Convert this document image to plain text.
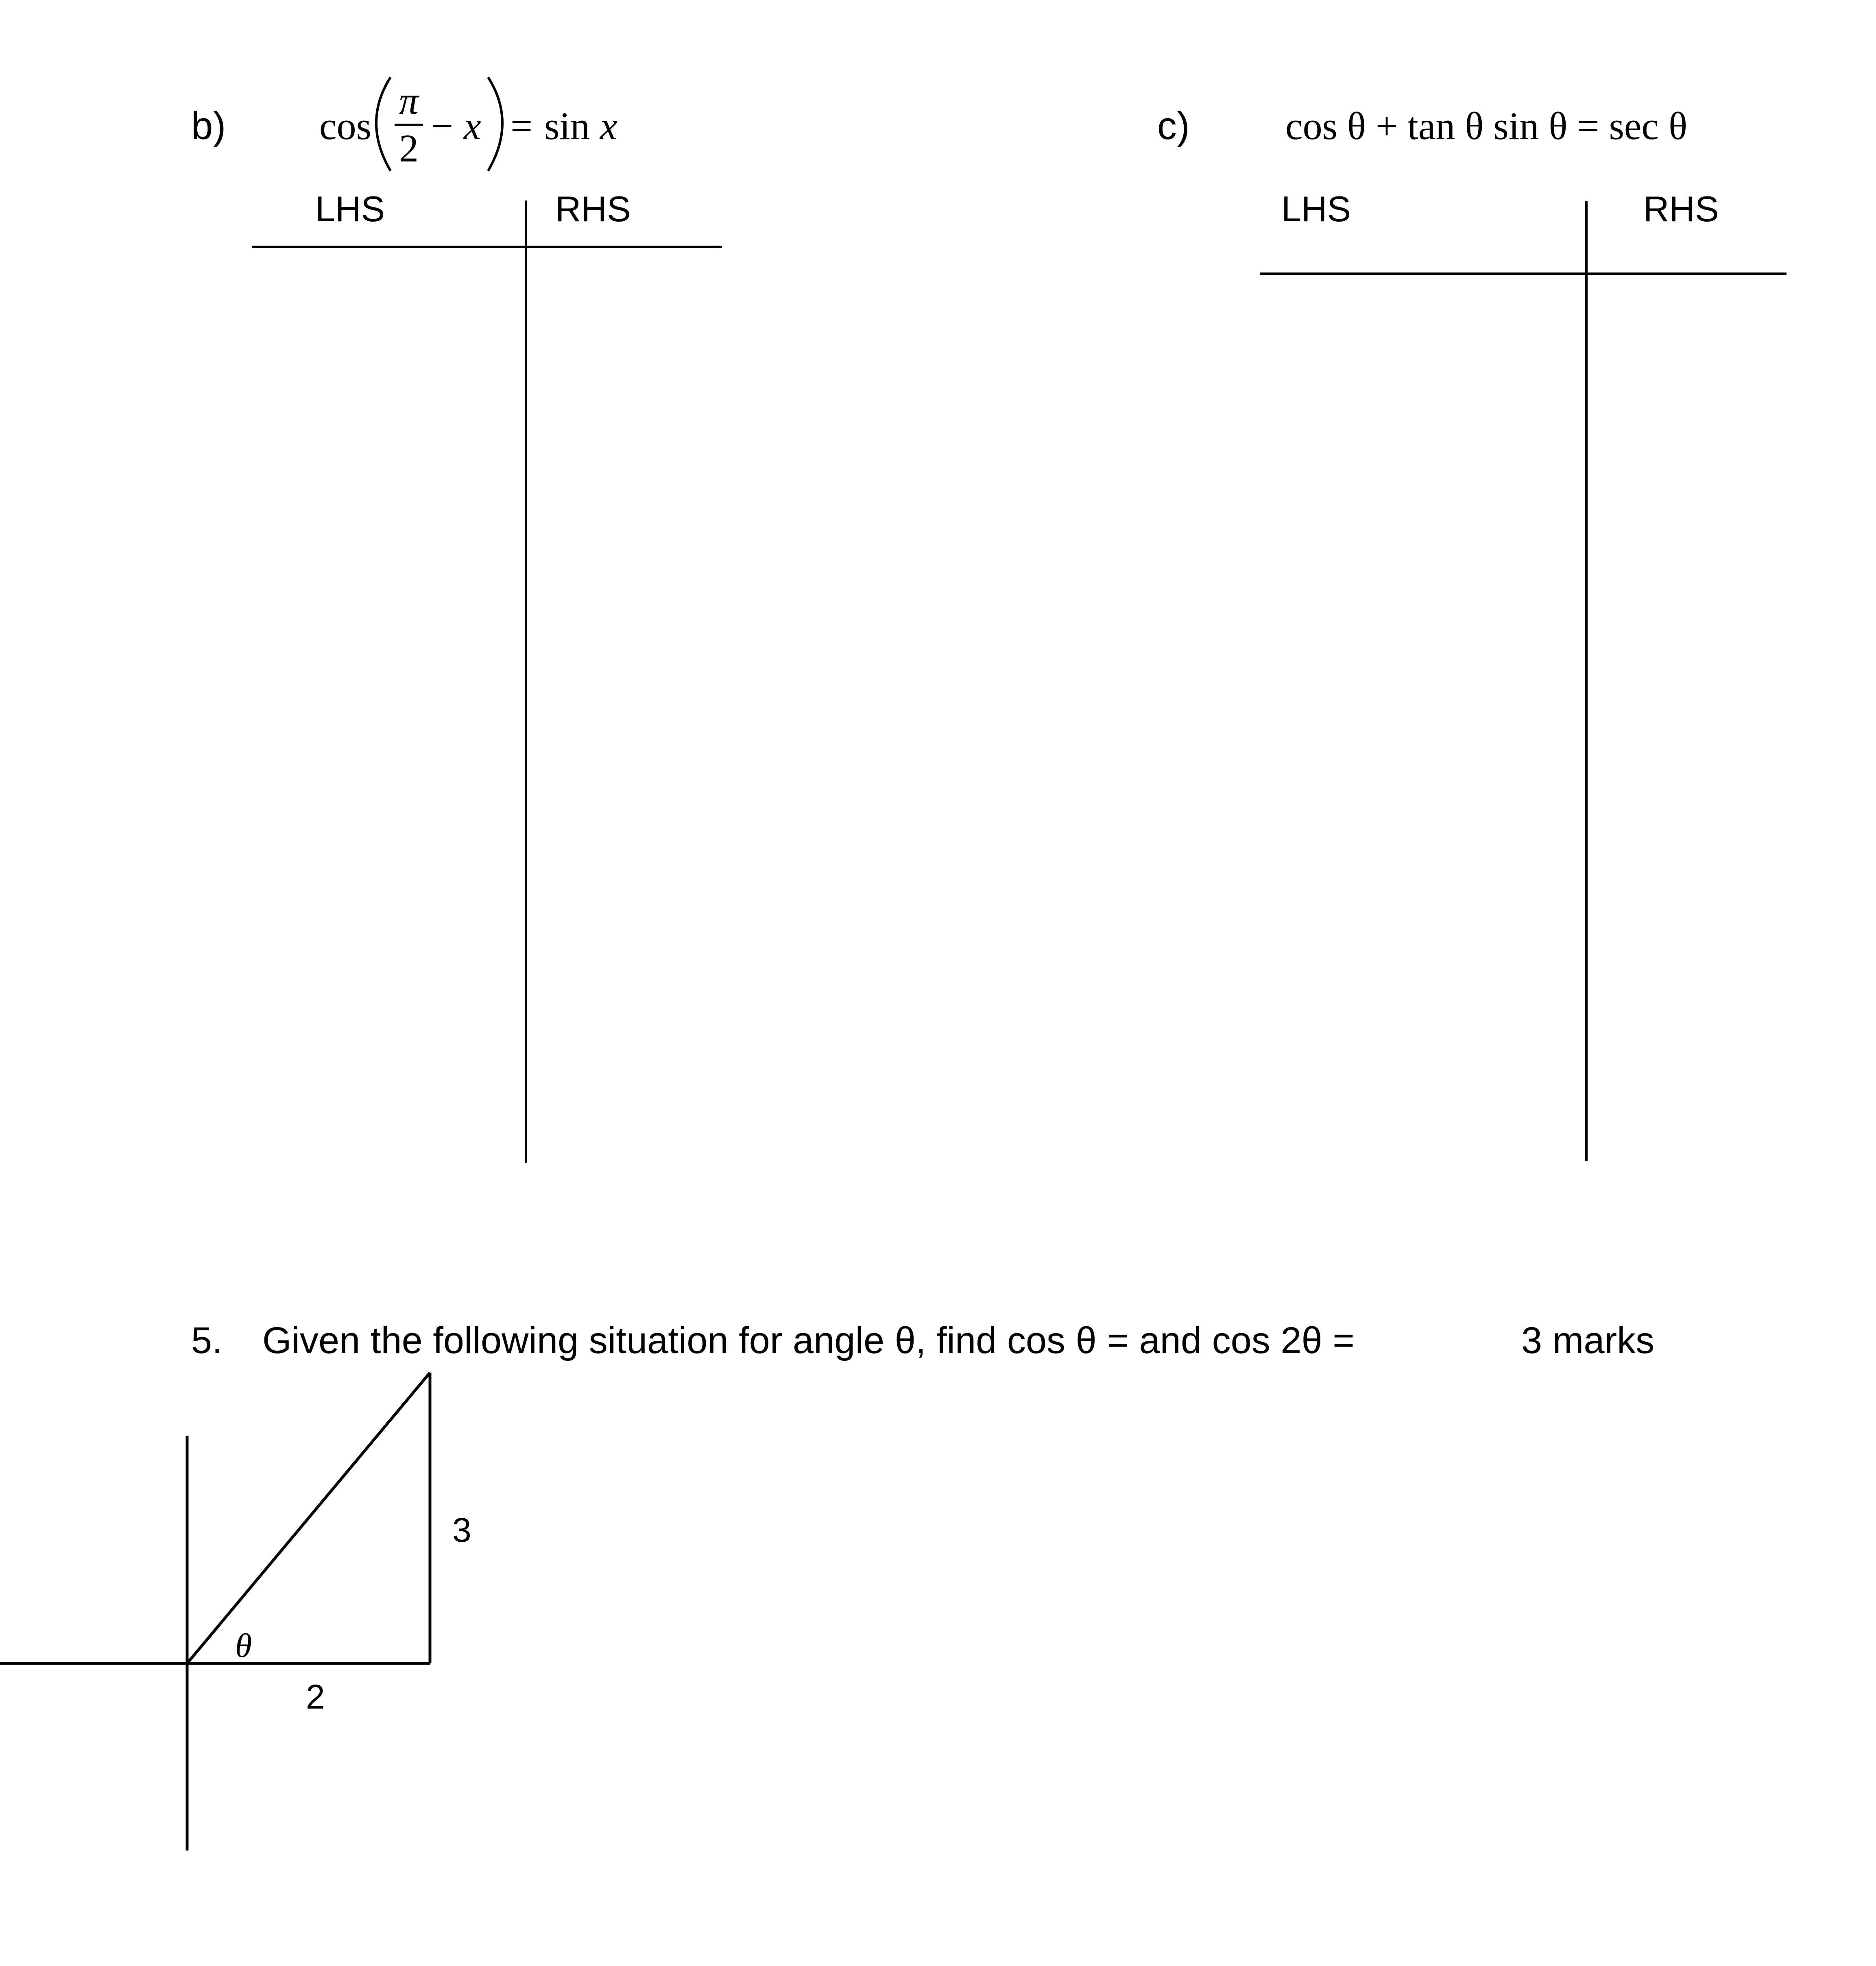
b) cos
π
2
− x = sin x
LHS	RHS
c) cos θ + tan θ sin θ = sec θ
LHS	RHS
5. Given the following situation for angle θ, find cos θ = and cos 2θ =	3 marks
θ
2
3
